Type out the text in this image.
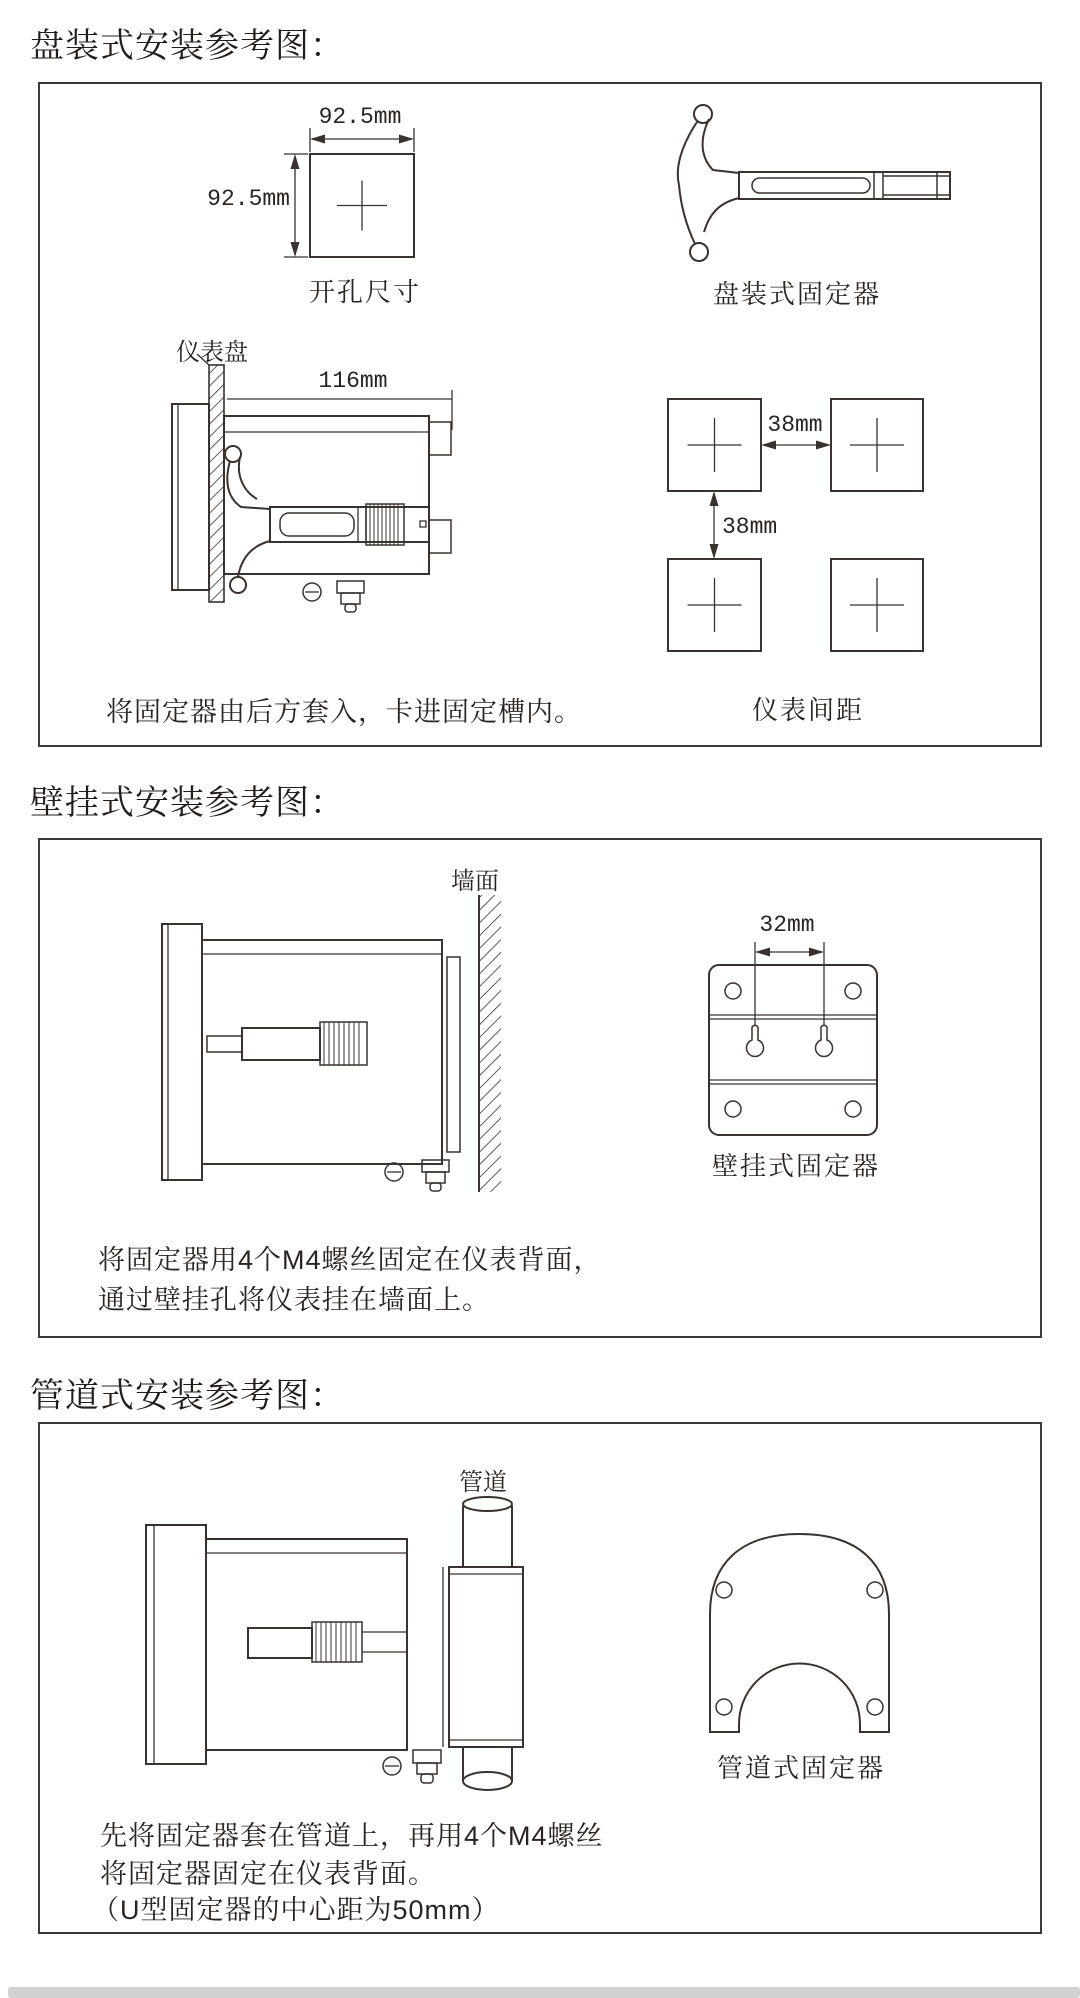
盘装式安装参考图：
92.5mm
92.5mm
开孔尺寸	盘装式固定器
仪表盘
116mm
38mm
38mm
将固定器由后方套入，卡进固定槽内。	仪表间距
壁挂式安装参考图：
墙面
32mm
壁挂式固定器
将固定器用4个M4螺丝固定在仪表背面，
通过壁挂孔将仪表挂在墙面上。
管道式安装参考图：
管道
管道式固定器
先将固定器套在管道上，再用4个M4螺丝
将固定器固定在仪表背面。
（U型固定器的中心距为50mm）
